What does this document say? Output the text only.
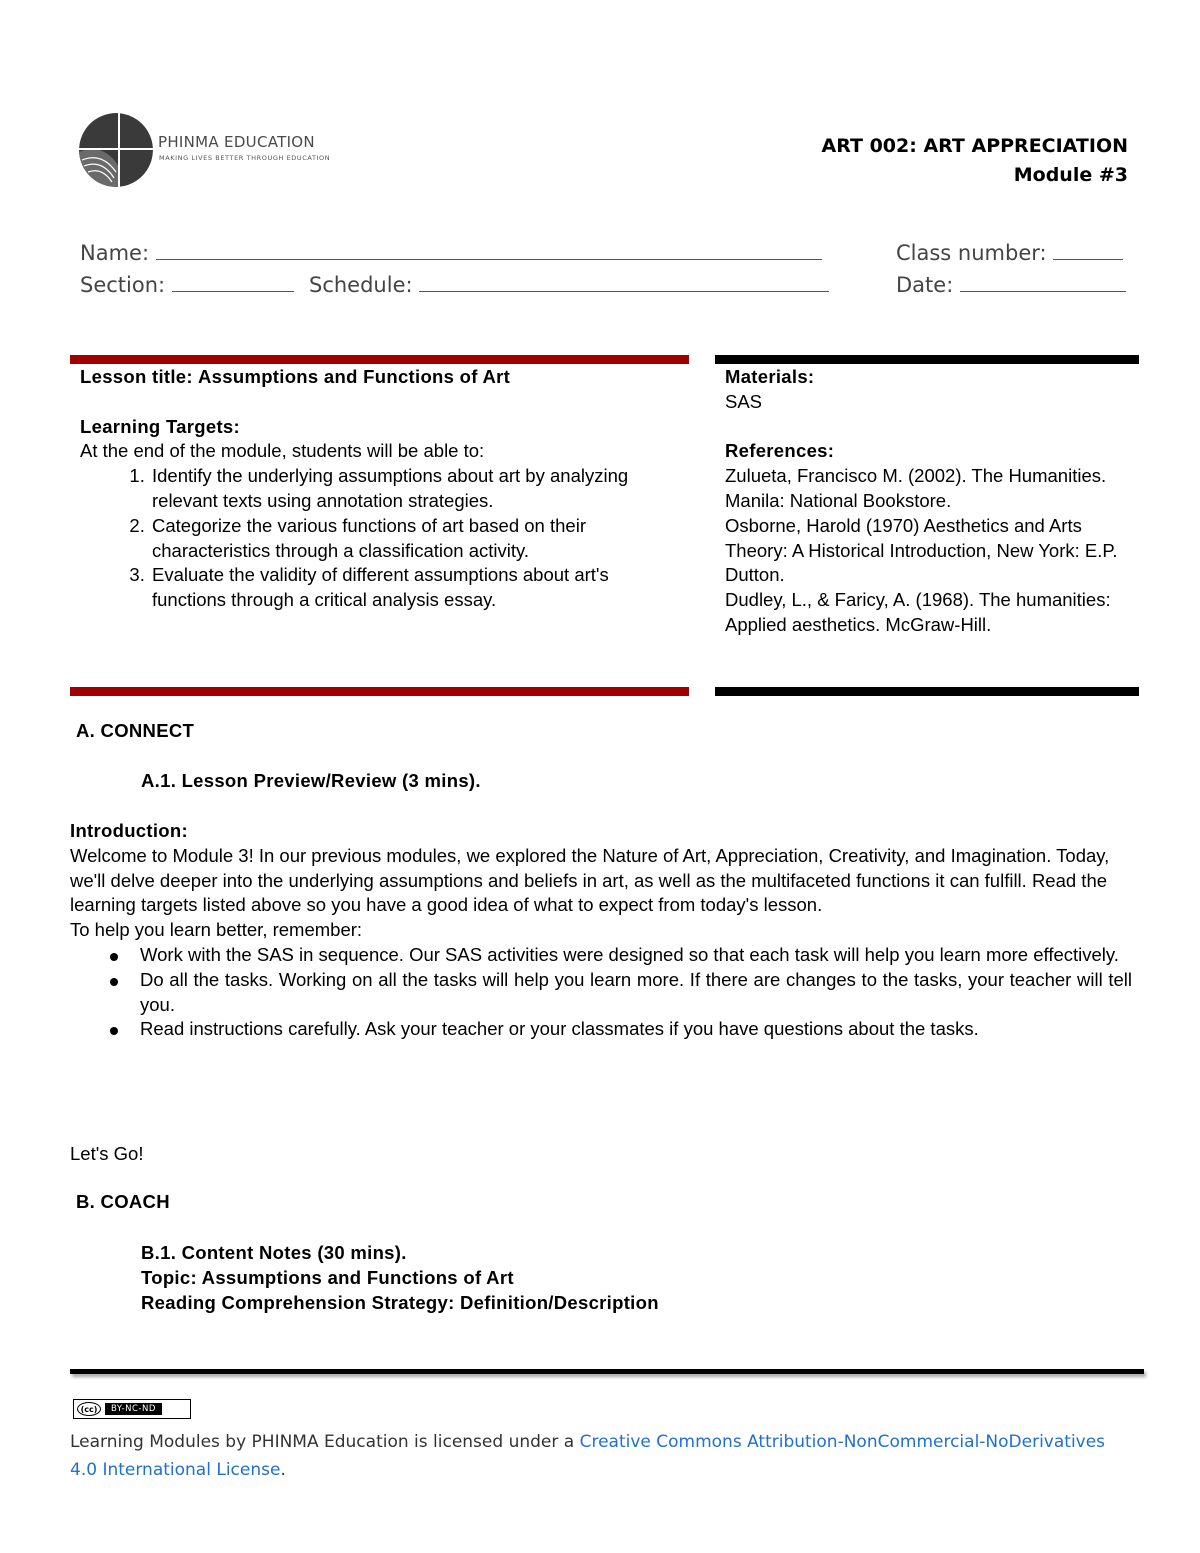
PHINMA EDUCATION
MAKING LIVES BETTER THROUGH EDUCATION
ART 002: ART APPRECIATION
Module #3
Name:	Class number:
Section:	Schedule:	Date:
Lesson title: Assumptions and Functions of Art
Learning Targets:
At the end of the module, students will be able to:
1. Identify the underlying assumptions about art by analyzing relevant texts using annotation strategies.
2. Categorize the various functions of art based on their characteristics through a classification activity.
3. Evaluate the validity of different assumptions about art's functions through a critical analysis essay.
Materials:
SAS
References:
Zulueta, Francisco M. (2002). The Humanities. Manila: National Bookstore.
Osborne, Harold (1970) Aesthetics and Arts Theory: A Historical Introduction, New York: E.P. Dutton.
Dudley, L., & Faricy, A. (1968). The humanities: Applied aesthetics. McGraw-Hill.
A. CONNECT
A.1. Lesson Preview/Review (3 mins).
Introduction:
Welcome to Module 3! In our previous modules, we explored the Nature of Art, Appreciation, Creativity, and Imagination. Today, we'll delve deeper into the underlying assumptions and beliefs in art, as well as the multifaceted functions it can fulfill. Read the learning targets listed above so you have a good idea of what to expect from today's lesson.
To help you learn better, remember:
Work with the SAS in sequence. Our SAS activities were designed so that each task will help you learn more effectively.
Do all the tasks. Working on all the tasks will help you learn more. If there are changes to the tasks, your teacher will tell you.
Read instructions carefully. Ask your teacher or your classmates if you have questions about the tasks.
Let's Go!
B. COACH
B.1. Content Notes (30 mins).
Topic: Assumptions and Functions of Art
Reading Comprehension Strategy: Definition/Description
(cc)	BY-NC-ND
Learning Modules by PHINMA Education is licensed under a Creative Commons Attribution-NonCommercial-NoDerivatives 4.0 International License.
